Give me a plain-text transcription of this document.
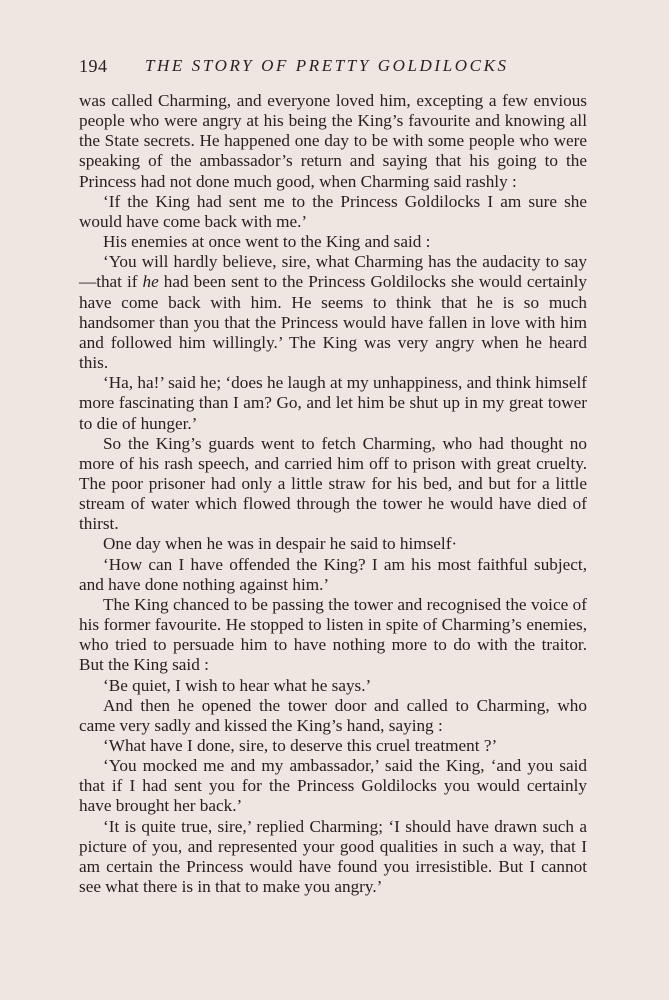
194 THE STORY OF PRETTY GOLDILOCKS

was called Charming, and everyone loved him, excepting a few envious people who were angry at his being the King’s favourite and knowing all the State secrets. He happened one day to be with some people who were speaking of the ambassador’s return and saying that his going to the Princess had not done much good, when Charming said rashly :

‘If the King had sent me to the Princess Goldilocks I am sure she would have come back with me.’

His enemies at once went to the King and said :

‘You will hardly believe, sire, what Charming has the audacity to say—that if he had been sent to the Princess Goldilocks she would certainly have come back with him. He seems to think that he is so much handsomer than you that the Princess would have fallen in love with him and followed him willingly.’ The King was very angry when he heard this.

‘Ha, ha!’ said he; ‘does he laugh at my unhappiness, and think himself more fascinating than I am? Go, and let him be shut up in my great tower to die of hunger.’

So the King’s guards went to fetch Charming, who had thought no more of his rash speech, and carried him off to prison with great cruelty. The poor prisoner had only a little straw for his bed, and but for a little stream of water which flowed through the tower he would have died of thirst.

One day when he was in despair he said to himself·

‘How can I have offended the King? I am his most faithful subject, and have done nothing against him.’

The King chanced to be passing the tower and recognised the voice of his former favourite. He stopped to listen in spite of Charming’s enemies, who tried to persuade him to have nothing more to do with the traitor. But the King said :

‘Be quiet, I wish to hear what he says.’

And then he opened the tower door and called to Charming, who came very sadly and kissed the King’s hand, saying :

‘What have I done, sire, to deserve this cruel treatment ?’

‘You mocked me and my ambassador,’ said the King, ‘and you said that if I had sent you for the Princess Goldilocks you would certainly have brought her back.’

‘It is quite true, sire,’ replied Charming; ‘I should have drawn such a picture of you, and represented your good qualities in such a way, that I am certain the Princess would have found you irresistible. But I cannot see what there is in that to make you angry.’
